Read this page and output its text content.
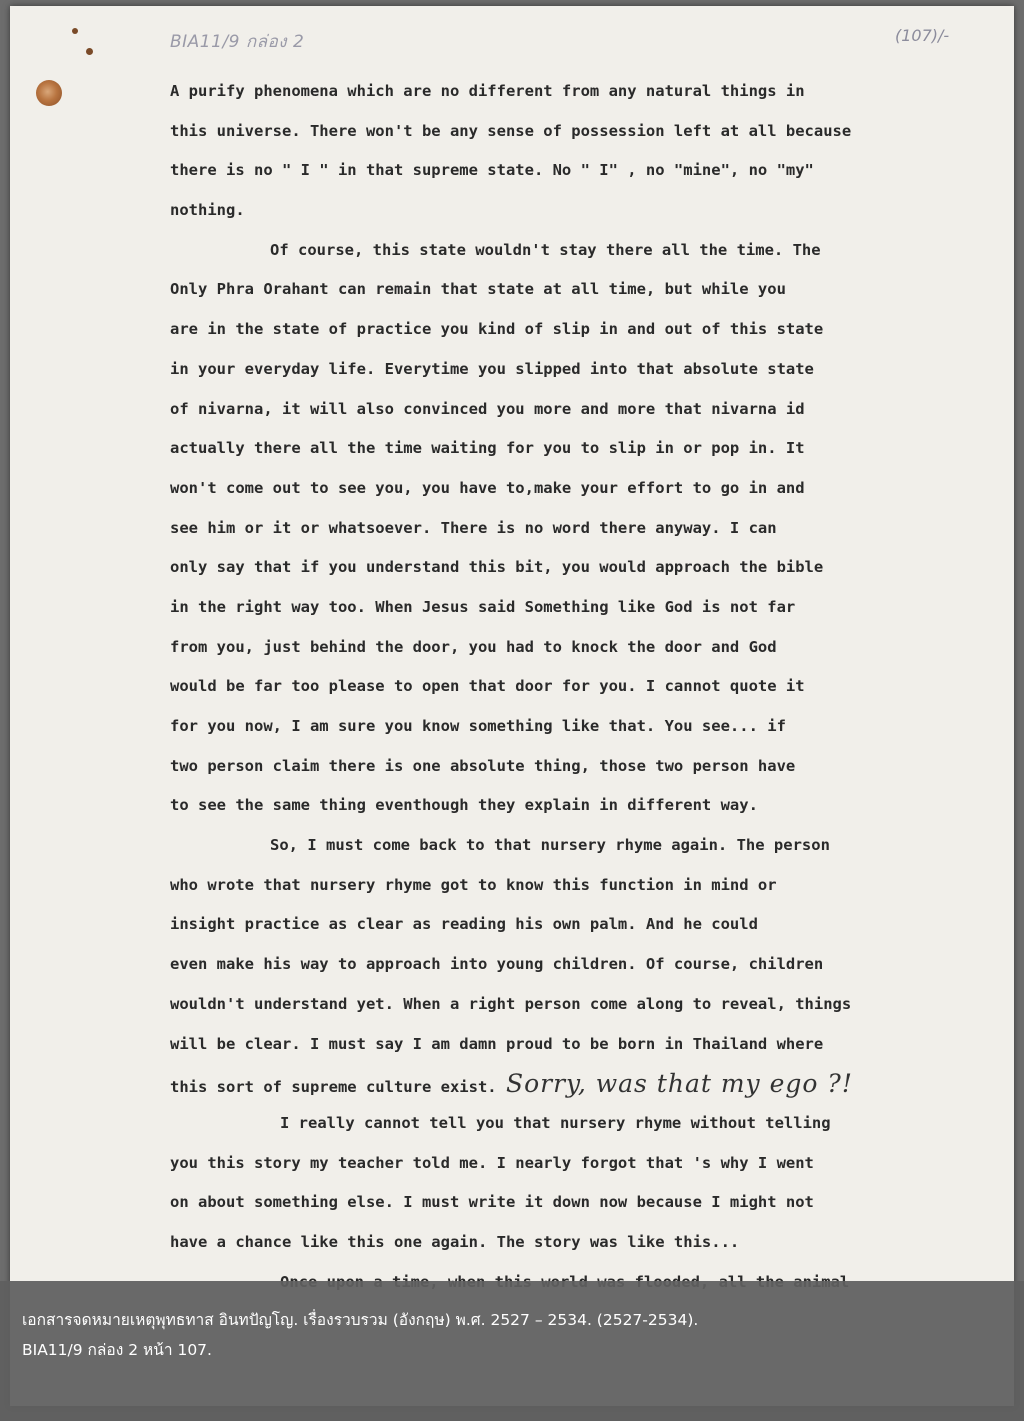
BIA11/9 กล่อง 2	(107)/-
A purify phenomena which are no different from any natural things in
this universe. There won't be any sense of possession left at all because
there is no " I " in that supreme state. No " I" , no "mine", no "my"
nothing.
Of course, this state wouldn't stay there all the time. The
Only Phra Orahant can remain that state at all time, but while you
are in the state of practice you kind of slip in and out of this state
in your everyday life. Everytime you slipped into that absolute state
of nivarna, it will also convinced you more and more that nivarna id
actually there all the time waiting for you to slip in or pop in. It
won't come out to see you, you have to,make your effort to go in and
see him or it or whatsoever. There is no word there anyway. I can
only say that if you understand this bit, you would approach the bible
in the right way too. When Jesus said Something like God is not far
from you, just behind the door, you had to knock the door and God
would be far too please to open that door for you. I cannot quote it
for you now, I am sure you know something like that. You see... if
two person claim there is one absolute thing, those two person have
to see the same thing eventhough they explain in different way.
So, I must come back to that nursery rhyme again. The person
who wrote that nursery rhyme got to know this function in mind or
insight practice as clear as reading his own palm. And he could
even make his way to approach into young children. Of course, children
wouldn't understand yet. When a right person come along to reveal, things
will be clear. I must say I am damn proud to be born in Thailand where
this sort of supreme culture exist. Sorry, was that my ego ?!
I really cannot tell you that nursery rhyme without telling
you this story my teacher told me. I nearly forgot that 's why I went
on about something else. I must write it down now because I might not
have a chance like this one again. The story was like this...
เอกสารจดหมายเหตุพุทธทาส อินทปัญโญ. เรื่องรวบรวม (อังกฤษ) พ.ศ. 2527 – 2534. (2527-2534).
BIA11/9 กล่อง 2 หน้า 107.
